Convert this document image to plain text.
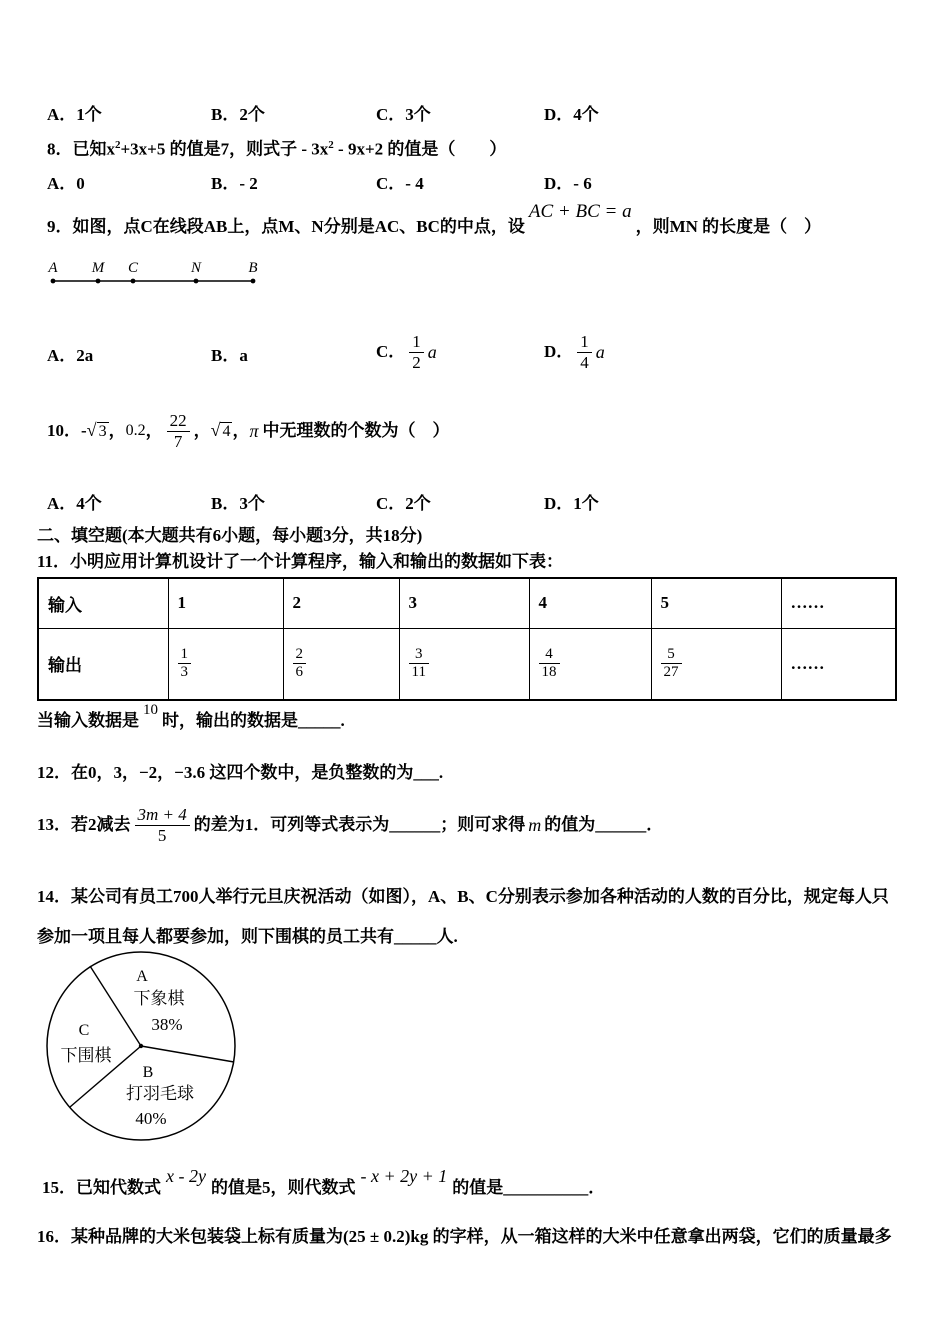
A．1个	B．2个	C．3个	D．4个
8．已知$x^2+3x+5$ 的值是7，则式子 - $3x^2 - 9x+2$ 的值是（　　）
A．0	B．- 2	C．- 4	D．- 6
9．如图，点C在线段AB上，点M、N分别是AC、BC的中点，设
AC + BC = a
，则MN 的长度是（　）
A M C	N	B
A．2a	B．a	C． $\frac{1}{2}$ a	D． $\frac{1}{4}$ a
10．- √ 3 ， 0.2 ， $\frac{22}{7}$ ， √ 4 ， π 中无理数的个数为（　）
A．4个	B．3个	C．2个	D．1个
二、填空题(本大题共有6小题，每小题3分，共18分)
11．小明应用计算机设计了一个计算程序，输入和输出的数据如下表：
输入	1	2	3	4	5	……
输出	$\frac{1}{3}$	$\frac{2}{6}$	$\frac{3}{11}$	$\frac{4}{18}$	$\frac{5}{27}$	……
当输入数据是
10
时，输出的数据是_____.
12．在0，3，−2，−3.6 这四个数中，是负整数的为___.
13．若2减去 $\frac{3m + 4}{5}$ 的差为1．可列等式表示为______；则可求得 m 的值为______．
14．某公司有员工700人举行元旦庆祝活动（如图），A、B、C分别表示参加各种活动的人数的百分比，规定每人只
参加一项且每人都要参加，则下围棋的员工共有_____人.
A
下象棋
38%
C
下围棋
B
打羽毛球
40%
15．已知代数式
x - 2y
的值是5，则代数式
- x + 2y + 1
的值是__________．
16．某种品牌的大米包装袋上标有质量为(25 ± 0.2)kg 的字样，从一箱这样的大米中任意拿出两袋，它们的质量最多
